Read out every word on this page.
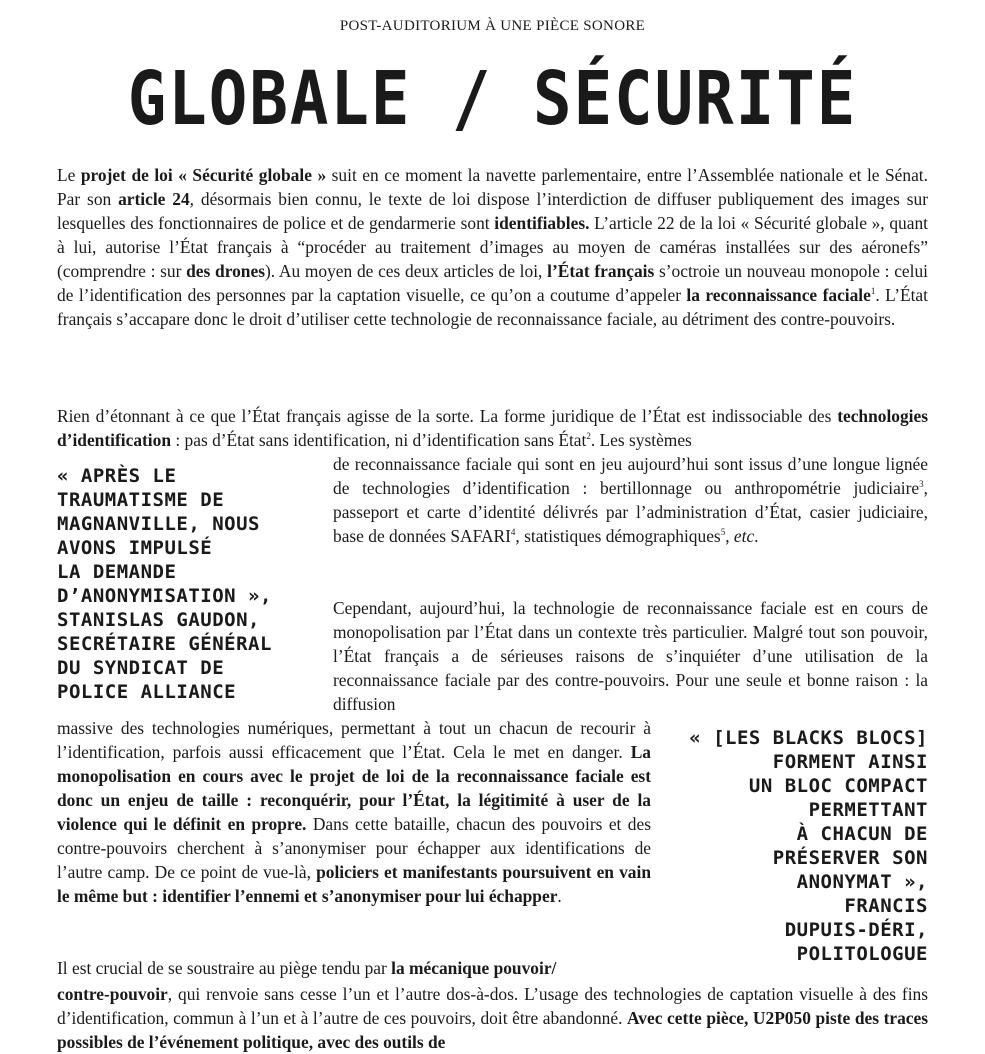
POST-AUDITORIUM À UNE PIÈCE SONORE
GLOBALE / SÉCURITÉ

Le projet de loi « Sécurité globale » suit en ce moment la navette parlementaire, entre l’Assemblée nationale et le Sénat. Par son article 24, désormais bien connu, le texte de loi dispose l’interdiction de diffuser publiquement des images sur lesquelles des fonctionnaires de police et de gendarmerie sont identifiables. L’article 22 de la loi « Sécurité globale », quant à lui, autorise l’État français à “procéder au traitement d’images au moyen de caméras installées sur des aéronefs” (comprendre : sur des drones). Au moyen de ces deux articles de loi, l’État français s’octroie un nouveau monopole : celui de l’identification des personnes par la captation visuelle, ce qu’on a coutume d’appeler la reconnaissance faciale$^1$. L’État français s’accapare donc le droit d’utiliser cette technologie de reconnaissance faciale, au détriment des contre-pouvoirs.

Rien d’étonnant à ce que l’État français agisse de la sorte. La forme juridique de l’État est indissociable des technologies d’identification : pas d’État sans identification, ni d’identification sans État$^2$. Les systèmes

« APRÈS LE
TRAUMATISME DE
MAGNANVILLE, NOUS
AVONS IMPULSÉ
LA DEMANDE
D’ANONYMISATION »,
STANISLAS GAUDON,
SECRÉTAIRE GÉNÉRAL
DU SYNDICAT DE
POLICE ALLIANCE

de reconnaissance faciale qui sont en jeu aujourd’hui sont issus d’une longue lignée de technologies d’identification : bertillonnage ou anthropométrie judiciaire$^3$, passeport et carte d’identité délivrés par l’administration d’État, casier judiciaire, base de données SAFARI$^4$, statistiques démographiques$^5$, etc.

Cependant, aujourd’hui, la technologie de reconnaissance faciale est en cours de monopolisation par l’État dans un contexte très particulier. Malgré tout son pouvoir, l’État français a de sérieuses raisons de s’inquiéter d’une utilisation de la reconnaissance faciale par des contre-pouvoirs. Pour une seule et bonne raison : la diffusion

« [LES BLACKS BLOCS]
FORMENT AINSI
UN BLOC COMPACT
PERMETTANT
À CHACUN DE
PRÉSERVER SON
ANONYMAT »,
FRANCIS
DUPUIS-DÉRI,
POLITOLOGUE

massive des technologies numériques, permettant à tout un chacun de recourir à l’identification, parfois aussi efficacement que l’État. Cela le met en danger. La monopolisation en cours avec le projet de loi de la reconnaissance faciale est donc un enjeu de taille : reconquérir, pour l’État, la légitimité à user de la violence qui le définit en propre. Dans cette bataille, chacun des pouvoirs et des contre-pouvoirs cherchent à s’anonymiser pour échapper aux identifications de l’autre camp. De ce point de vue-là, policiers et manifestants poursuivent en vain le même but : identifier l’ennemi et s’anonymiser pour lui échapper.

Il est crucial de se soustraire au piège tendu par la mécanique pouvoir/

contre-pouvoir, qui renvoie sans cesse l’un et l’autre dos-à-dos. L’usage des technologies de captation visuelle à des fins d’identification, commun à l’un et à l’autre de ces pouvoirs, doit être abandonné. Avec cette pièce, U2P050 piste des traces possibles de l’événement politique, avec des outils de
